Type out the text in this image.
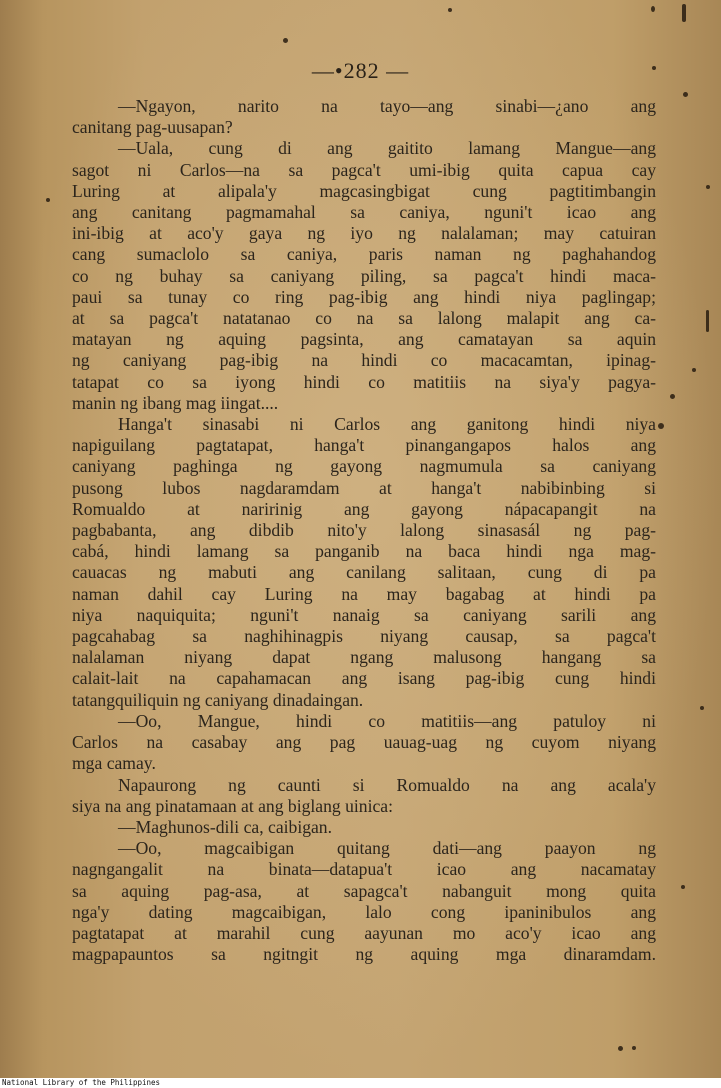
—•282 —
—Ngayon, narito na tayo—ang sinabi—¿ano ang
canitang pag-uusapan?
—Uala, cung di ang gaitito lamang Mangue—ang
sagot ni Carlos—na sa pagca't umi-ibig quita capua cay
Luring at alipala'y magcasingbigat cung pagtitimbangin
ang canitang pagmamahal sa caniya, nguni't icao ang
ini-ibig at aco'y gaya ng iyo ng nalalaman; may catuiran
cang sumaclolo sa caniya, paris naman ng paghahandog
co ng buhay sa caniyang piling, sa pagca't hindi maca-
paui sa tunay co ring pag-ibig ang hindi niya paglingap;
at sa pagca't natatanao co na sa lalong malapit ang ca-
matayan ng aquing pagsinta, ang camatayan sa aquin
ng caniyang pag-ibig na hindi co macacamtan, ipinag-
tatapat co sa iyong hindi co matitiis na siya'y pagya-
manin ng ibang mag iingat....
Hanga't sinasabi ni Carlos ang ganitong hindi niya
napiguilang pagtatapat, hanga't pinangangapos halos ang
caniyang paghinga ng gayong nagmumula sa caniyang
pusong lubos nagdaramdam at hanga't nabibinbing si
Romualdo at naririnig ang gayong nápacapangit na
pagbabanta, ang dibdib nito'y lalong sinasasál ng pag-
cabá, hindi lamang sa panganib na baca hindi nga mag-
cauacas ng mabuti ang canilang salitaan, cung di pa
naman dahil cay Luring na may bagabag at hindi pa
niya naquiquita; nguni't nanaig sa caniyang sarili ang
pagcahabag sa naghihinagpis niyang causap, sa pagca't
nalalaman niyang dapat ngang malusong hangang sa
calait-lait na capahamacan ang isang pag-ibig cung hindi
tatangquiliquin ng caniyang dinadaingan.
—Oo, Mangue, hindi co matitiis—ang patuloy ni
Carlos na casabay ang pag uauag-uag ng cuyom niyang
mga camay.
Napaurong ng caunti si Romualdo na ang acala'y
siya na ang pinatamaan at ang biglang uinica:
—Maghunos-dili ca, caibigan.
—Oo, magcaibigan quitang dati—ang paayon ng
nagngangalit na binata—datapua't icao ang nacamatay
sa aquing pag-asa, at sapagca't nabanguit mong quita
nga'y dating magcaibigan, lalo cong ipaninibulos ang
pagtatapat at marahil cung aayunan mo aco'y icao ang
magpapauntos sa ngitngit ng aquing mga dinaramdam.
National Library of the Philippines
